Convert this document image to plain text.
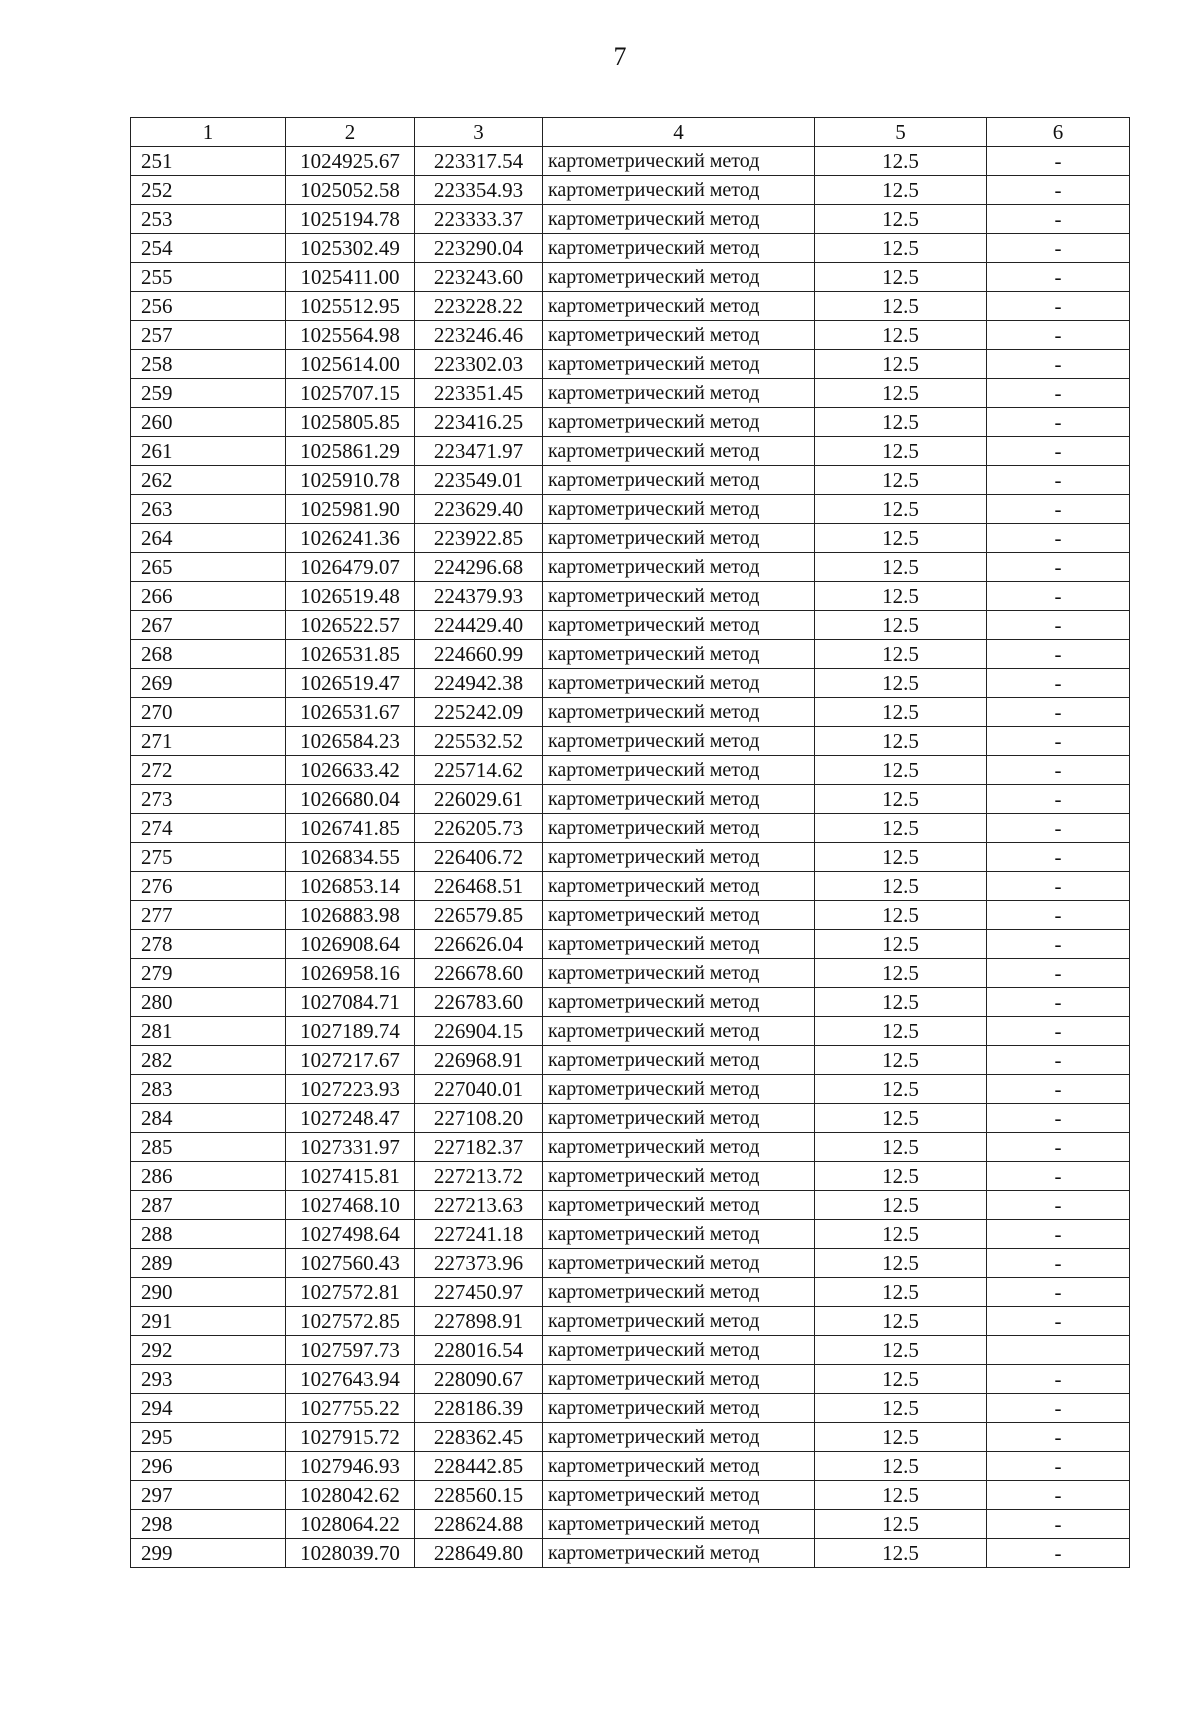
7
1	2	3	4	5	6
251	1024925.67	223317.54	картометрический метод	12.5	-
252	1025052.58	223354.93	картометрический метод	12.5	-
253	1025194.78	223333.37	картометрический метод	12.5	-
254	1025302.49	223290.04	картометрический метод	12.5	-
255	1025411.00	223243.60	картометрический метод	12.5	-
256	1025512.95	223228.22	картометрический метод	12.5	-
257	1025564.98	223246.46	картометрический метод	12.5	-
258	1025614.00	223302.03	картометрический метод	12.5	-
259	1025707.15	223351.45	картометрический метод	12.5	-
260	1025805.85	223416.25	картометрический метод	12.5	-
261	1025861.29	223471.97	картометрический метод	12.5	-
262	1025910.78	223549.01	картометрический метод	12.5	-
263	1025981.90	223629.40	картометрический метод	12.5	-
264	1026241.36	223922.85	картометрический метод	12.5	-
265	1026479.07	224296.68	картометрический метод	12.5	-
266	1026519.48	224379.93	картометрический метод	12.5	-
267	1026522.57	224429.40	картометрический метод	12.5	-
268	1026531.85	224660.99	картометрический метод	12.5	-
269	1026519.47	224942.38	картометрический метод	12.5	-
270	1026531.67	225242.09	картометрический метод	12.5	-
271	1026584.23	225532.52	картометрический метод	12.5	-
272	1026633.42	225714.62	картометрический метод	12.5	-
273	1026680.04	226029.61	картометрический метод	12.5	-
274	1026741.85	226205.73	картометрический метод	12.5	-
275	1026834.55	226406.72	картометрический метод	12.5	-
276	1026853.14	226468.51	картометрический метод	12.5	-
277	1026883.98	226579.85	картометрический метод	12.5	-
278	1026908.64	226626.04	картометрический метод	12.5	-
279	1026958.16	226678.60	картометрический метод	12.5	-
280	1027084.71	226783.60	картометрический метод	12.5	-
281	1027189.74	226904.15	картометрический метод	12.5	-
282	1027217.67	226968.91	картометрический метод	12.5	-
283	1027223.93	227040.01	картометрический метод	12.5	-
284	1027248.47	227108.20	картометрический метод	12.5	-
285	1027331.97	227182.37	картометрический метод	12.5	-
286	1027415.81	227213.72	картометрический метод	12.5	-
287	1027468.10	227213.63	картометрический метод	12.5	-
288	1027498.64	227241.18	картометрический метод	12.5	-
289	1027560.43	227373.96	картометрический метод	12.5	-
290	1027572.81	227450.97	картометрический метод	12.5	-
291	1027572.85	227898.91	картометрический метод	12.5	-
292	1027597.73	228016.54	картометрический метод	12.5	
293	1027643.94	228090.67	картометрический метод	12.5	-
294	1027755.22	228186.39	картометрический метод	12.5	-
295	1027915.72	228362.45	картометрический метод	12.5	-
296	1027946.93	228442.85	картометрический метод	12.5	-
297	1028042.62	228560.15	картометрический метод	12.5	-
298	1028064.22	228624.88	картометрический метод	12.5	-
299	1028039.70	228649.80	картометрический метод	12.5	-
